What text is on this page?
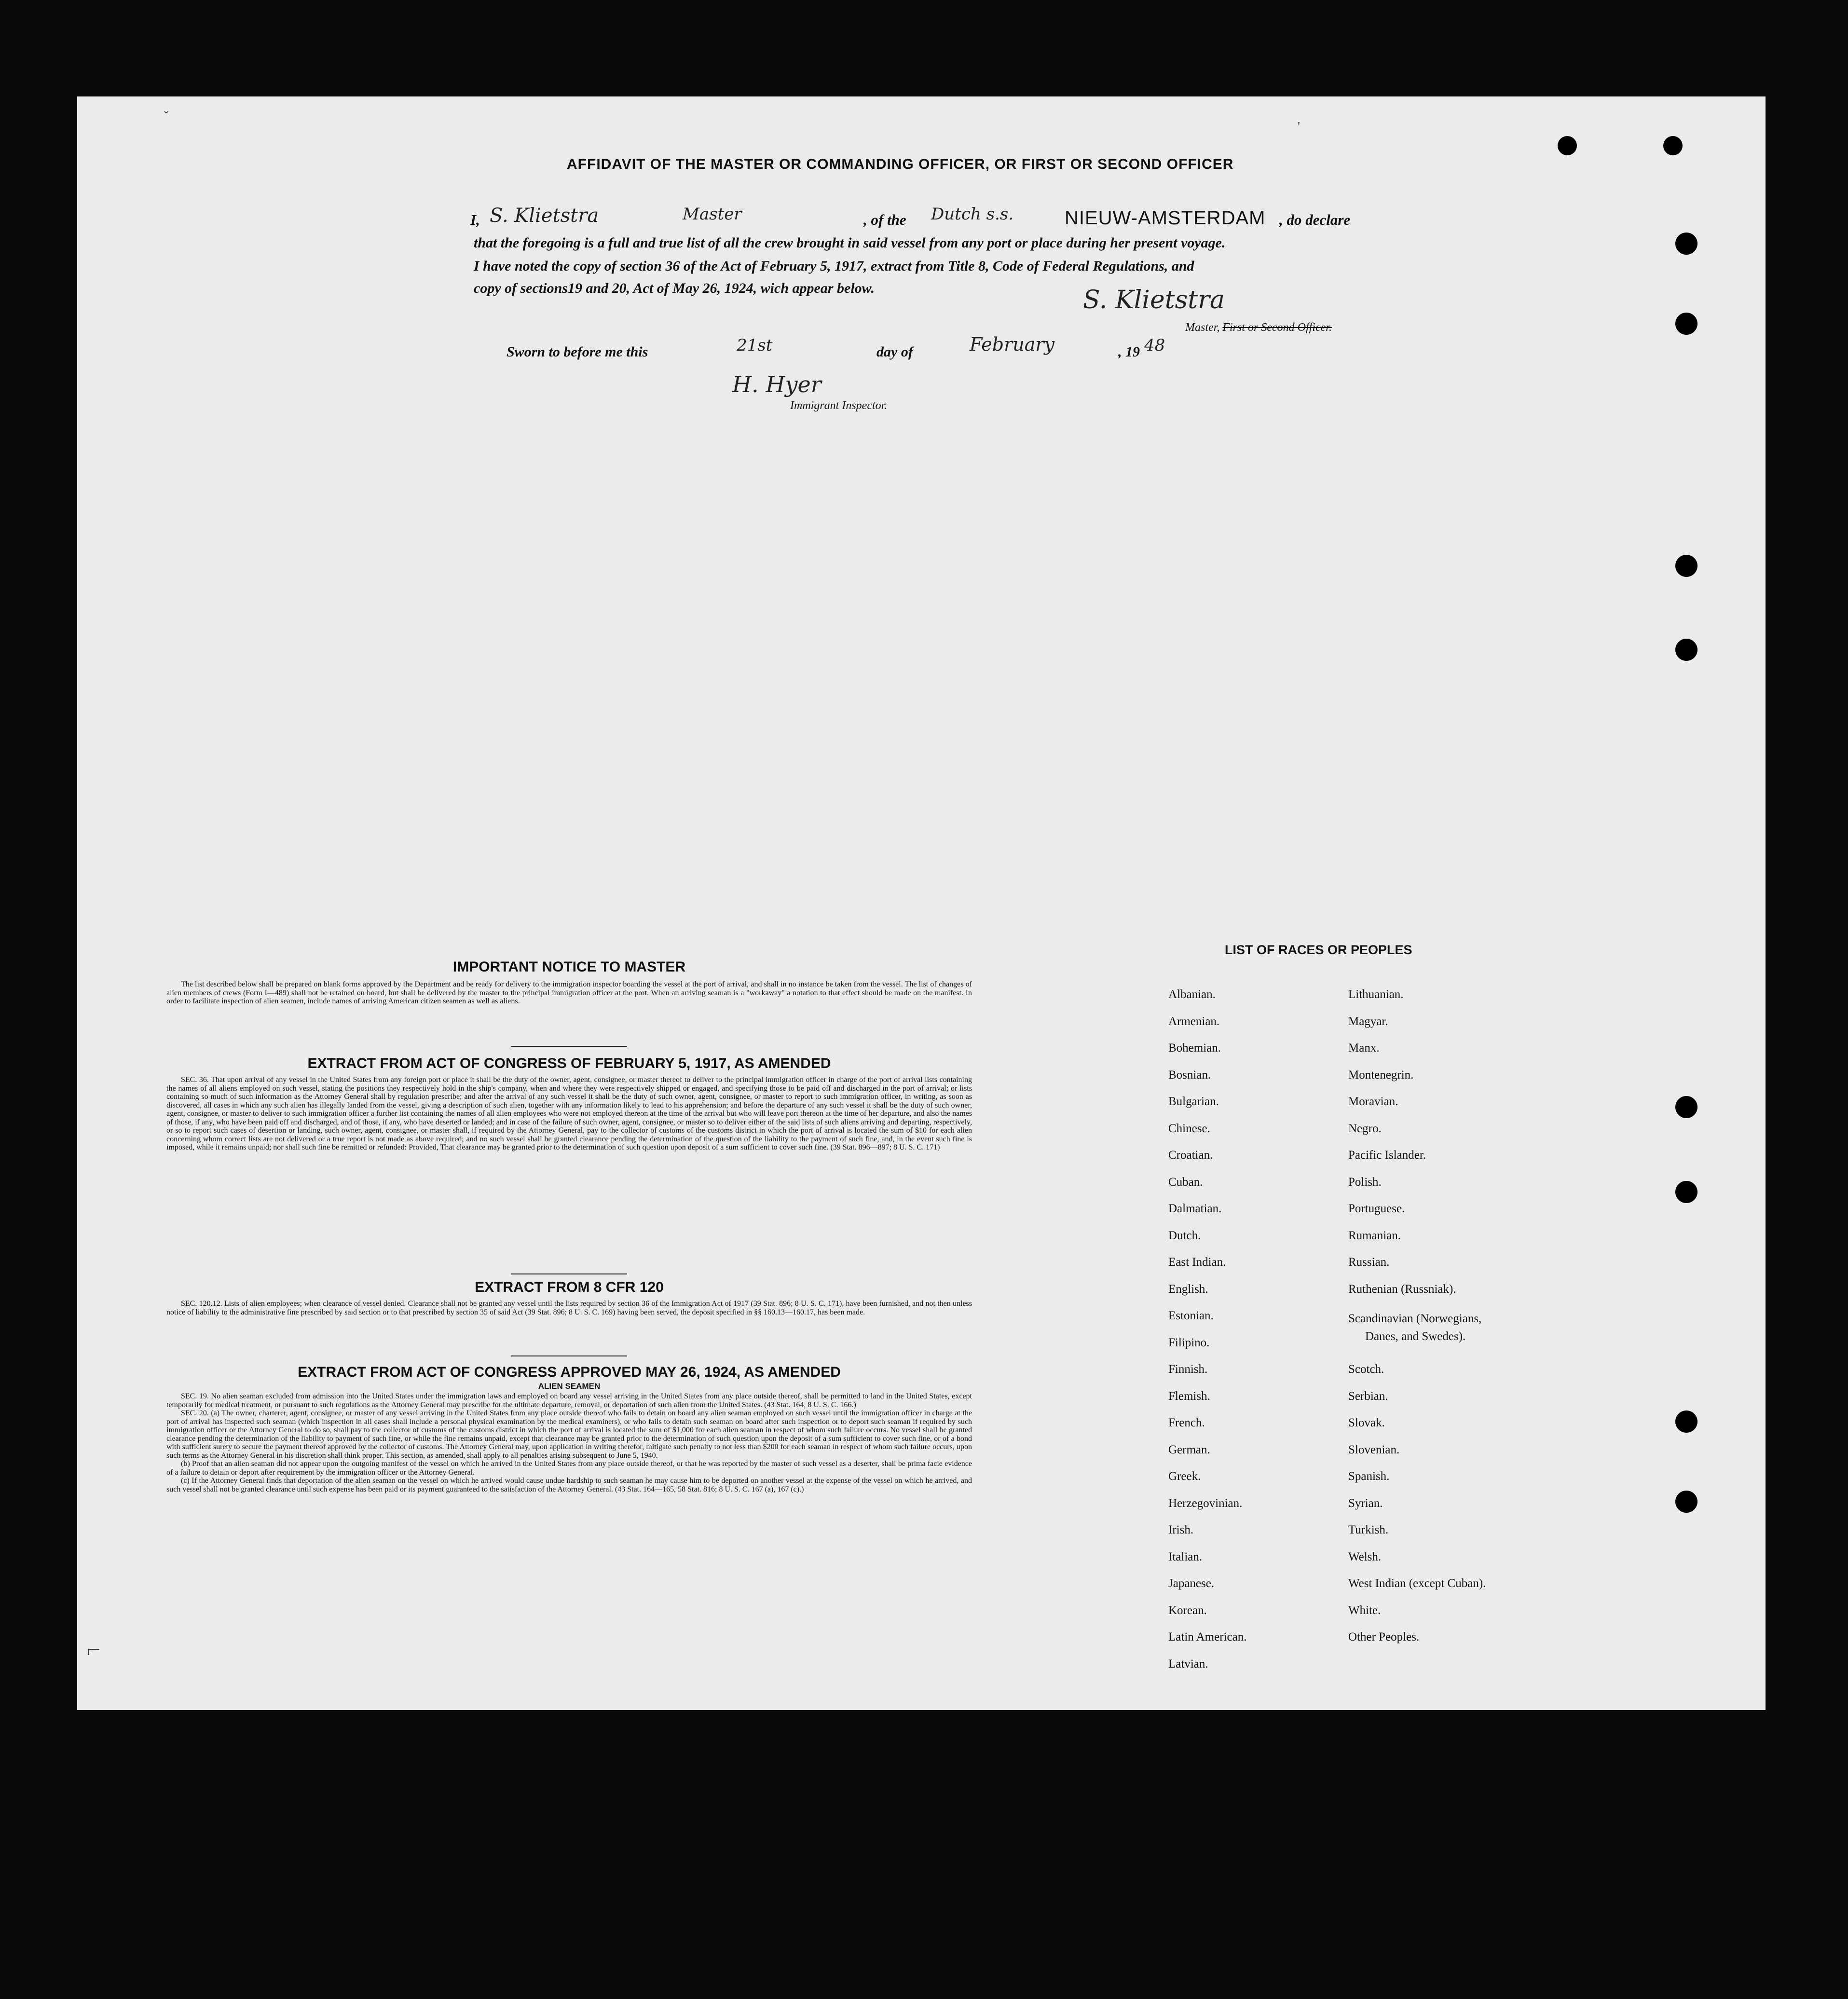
ˇ
'
AFFIDAVIT OF THE MASTER OR COMMANDING OFFICER, OR FIRST OR SECOND OFFICER
I, S. Klietstra	Master	, of the Dutch s.s.	NIEUW-AMSTERDAM , do declare
that the foregoing is a full and true list of all the crew brought in said vessel from any port or place during her present voyage.
I have noted the copy of section 36 of the Act of February 5, 1917, extract from Title 8, Code of Federal Regulations, and
copy of sections19 and 20, Act of May 26, 1924, wich appear below.	S. Klietstra
Master, First or Second Officer.
Sworn to before me this	21st	day of	February	, 19 48
H. Hyer
Immigrant Inspector.
IMPORTANT NOTICE TO MASTER

The list described below shall be prepared on blank forms approved by the Department and be ready for delivery to the immigration inspector boarding the vessel at the port of arrival, and shall in no instance be taken from the vessel. The list of changes of alien members of crews (Form I—489) shall not be retained on board, but shall be delivered by the master to the principal immigration officer at the port. When an arriving seaman is a "workaway" a notation to that effect should be made on the manifest. In order to facilitate inspection of alien seamen, include names of arriving American citizen seamen as well as aliens.

EXTRACT FROM ACT OF CONGRESS OF FEBRUARY 5, 1917, AS AMENDED

SEC. 36. That upon arrival of any vessel in the United States from any foreign port or place it shall be the duty of the owner, agent, consignee, or master thereof to deliver to the principal immigration officer in charge of the port of arrival lists containing the names of all aliens employed on such vessel, stating the positions they respectively hold in the ship's company, when and where they were respectively shipped or engaged, and specifying those to be paid off and discharged in the port of arrival; or lists containing so much of such information as the Attorney General shall by regulation prescribe; and after the arrival of any such vessel it shall be the duty of such owner, agent, consignee, or master to report to such immigration officer, in writing, as soon as discovered, all cases in which any such alien has illegally landed from the vessel, giving a description of such alien, together with any information likely to lead to his apprehension; and before the departure of any such vessel it shall be the duty of such owner, agent, consignee, or master to deliver to such immigration officer a further list containing the names of all alien employees who were not employed thereon at the time of the arrival but who will leave port thereon at the time of her departure, and also the names of those, if any, who have been paid off and discharged, and of those, if any, who have deserted or landed; and in case of the failure of such owner, agent, consignee, or master so to deliver either of the said lists of such aliens arriving and departing, respectively, or so to report such cases of desertion or landing, such owner, agent, consignee, or master shall, if required by the Attorney General, pay to the collector of customs of the customs district in which the port of arrival is located the sum of $10 for each alien concerning whom correct lists are not delivered or a true report is not made as above required; and no such vessel shall be granted clearance pending the determination of the question of the liability to the payment of such fine, and, in the event such fine is imposed, while it remains unpaid; nor shall such fine be remitted or refunded: Provided, That clearance may be granted prior to the determination of such question upon deposit of a sum sufficient to cover such fine. (39 Stat. 896—897; 8 U. S. C. 171)

EXTRACT FROM 8 CFR 120

SEC. 120.12. Lists of alien employees; when clearance of vessel denied. Clearance shall not be granted any vessel until the lists required by section 36 of the Immigration Act of 1917 (39 Stat. 896; 8 U. S. C. 171), have been furnished, and not then unless notice of liability to the administrative fine prescribed by said section or to that prescribed by section 35 of said Act (39 Stat. 896; 8 U. S. C. 169) having been served, the deposit specified in §§ 160.13—160.17, has been made.

EXTRACT FROM ACT OF CONGRESS APPROVED MAY 26, 1924, AS AMENDED
ALIEN SEAMEN

SEC. 19. No alien seaman excluded from admission into the United States under the immigration laws and employed on board any vessel arriving in the United States from any place outside thereof, shall be permitted to land in the United States, except temporarily for medical treatment, or pursuant to such regulations as the Attorney General may prescribe for the ultimate departure, removal, or deportation of such alien from the United States. (43 Stat. 164, 8 U. S. C. 166.)

SEC. 20. (a) The owner, charterer, agent, consignee, or master of any vessel arriving in the United States from any place outside thereof who fails to detain on board any alien seaman employed on such vessel until the immigration officer in charge at the port of arrival has inspected such seaman (which inspection in all cases shall include a personal physical examination by the medical examiners), or who fails to detain such seaman on board after such inspection or to deport such seaman if required by such immigration officer or the Attorney General to do so, shall pay to the collector of customs of the customs district in which the port of arrival is located the sum of $1,000 for each alien seaman in respect of whom such failure occurs. No vessel shall be granted clearance pending the determination of the liability to payment of such fine, or while the fine remains unpaid, except that clearance may be granted prior to the determination of such question upon the deposit of a sum sufficient to cover such fine, or of a bond with sufficient surety to secure the payment thereof approved by the collector of customs. The Attorney General may, upon application in writing therefor, mitigate such penalty to not less than $200 for each seaman in respect of whom such failure occurs, upon such terms as the Attorney General in his discretion shall think proper. This section, as amended, shall apply to all penalties arising subsequent to June 5, 1940.

(b) Proof that an alien seaman did not appear upon the outgoing manifest of the vessel on which he arrived in the United States from any place outside thereof, or that he was reported by the master of such vessel as a deserter, shall be prima facie evidence of a failure to detain or deport after requirement by the immigration officer or the Attorney General.

(c) If the Attorney General finds that deportation of the alien seaman on the vessel on which he arrived would cause undue hardship to such seaman he may cause him to be deported on another vessel at the expense of the vessel on which he arrived, and such vessel shall not be granted clearance until such expense has been paid or its payment guaranteed to the satisfaction of the Attorney General. (43 Stat. 164—165, 58 Stat. 816; 8 U. S. C. 167 (a), 167 (c).)

LIST OF RACES OR PEOPLES
Albanian.
Armenian.
Bohemian.
Bosnian.
Bulgarian.
Chinese.
Croatian.
Cuban.
Dalmatian.
Dutch.
East Indian.
English.
Estonian.
Filipino.
Finnish.
Flemish.
French.
German.
Greek.
Herzegovinian.
Irish.
Italian.
Japanese.
Korean.
Latin American.
Latvian.
Lithuanian.
Magyar.
Manx.
Montenegrin.
Moravian.
Negro.
Pacific Islander.
Polish.
Portuguese.
Rumanian.
Russian.
Ruthenian (Russniak).
Scandinavian (Norwegians,
Danes, and Swedes).
Scotch.
Serbian.
Slovak.
Slovenian.
Spanish.
Syrian.
Turkish.
Welsh.
West Indian (except Cuban).
White.
Other Peoples.
⌐
